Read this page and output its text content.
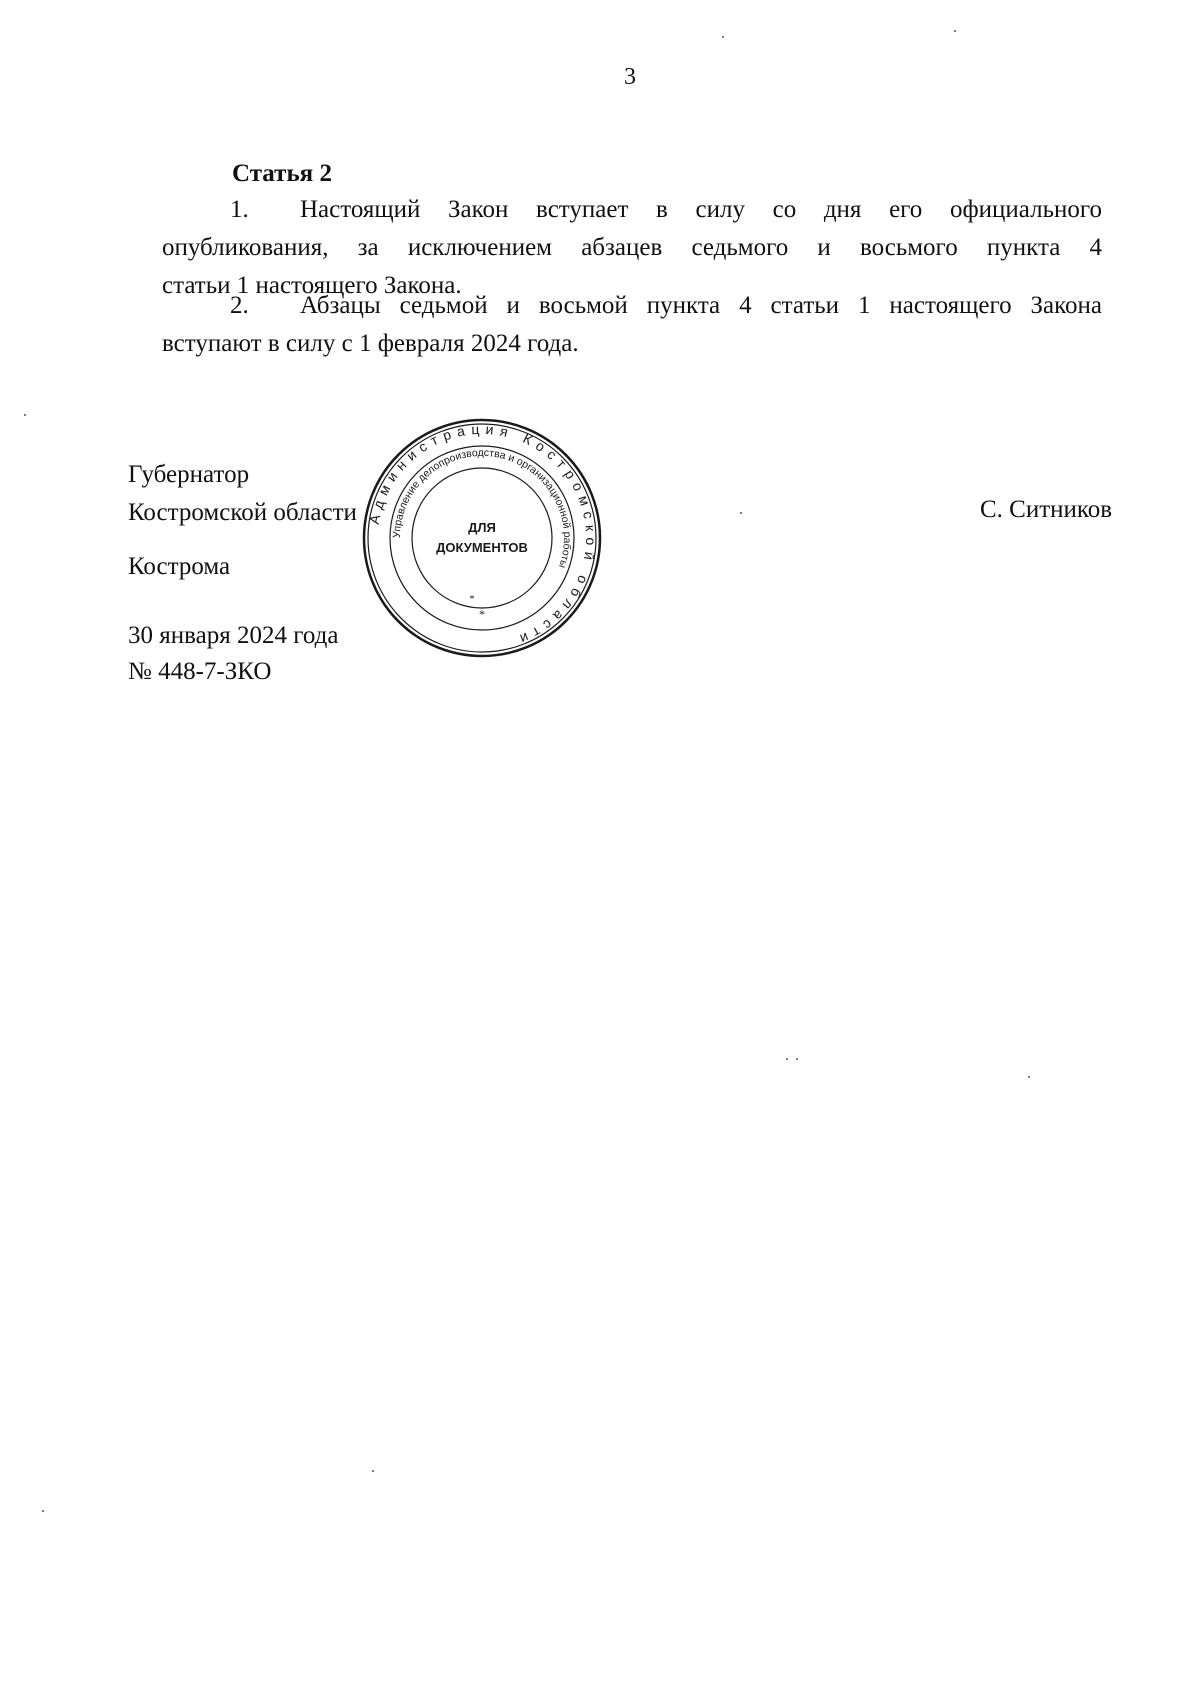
3
Статья 2
1. Настоящий Закон вступает в силу со дня его официального
опубликования, за исключением абзацев седьмого и восьмого пункта 4
статьи 1 настоящего Закона.
2. Абзацы седьмой и восьмой пункта 4 статьи 1 настоящего Закона
вступают в силу с 1 февраля 2024 года.
Губернатор
Костромской области	С. Ситников
Кострома
30 января 2024 года
№ 448-7-ЗКО
Администрация Костромской области
Управление делопроизводства и организационной работы
ДЛЯ
ДОКУМЕНТОВ
*
*
